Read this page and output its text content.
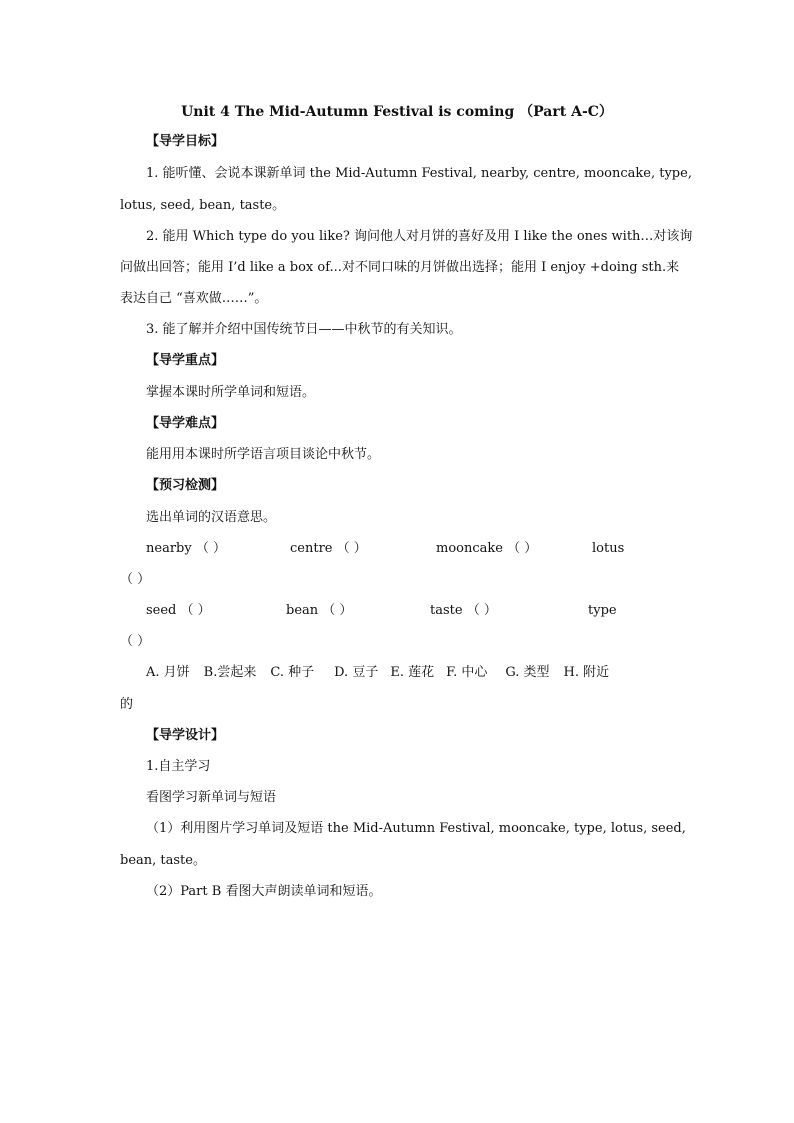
Unit 4 The Mid-Autumn Festival is coming （Part A-C）
【导学目标】
1. 能听懂、会说本课新单词 the Mid-Autumn Festival, nearby, centre, mooncake, type,
lotus, seed, bean, taste。
2. 能用 Which type do you like? 询问他人对月饼的喜好及用 I like the ones with…对该询
问做出回答；能用 I’d like a box of...对不同口味的月饼做出选择；能用 I enjoy +doing sth.来
表达自己 “喜欢做……”。
3. 能了解并介绍中国传统节日——中秋节的有关知识。
【导学重点】
掌握本课时所学单词和短语。
【导学难点】
能用用本课时所学语言项目谈论中秋节。
【预习检测】
选出单词的汉语意思。
nearby （ ）	centre （ ）	mooncake （ ）	lotus
（ ）
seed （ ）	bean （ ）	taste （ ）	type
（ ）
A. 月饼 B.尝起来 C. 种子 D. 豆子 E. 莲花 F. 中心 G. 类型 H. 附近
的
【导学设计】
1.自主学习
看图学习新单词与短语
（1）利用图片学习单词及短语 the Mid-Autumn Festival, mooncake, type, lotus, seed,
bean, taste。
（2）Part B 看图大声朗读单词和短语。
